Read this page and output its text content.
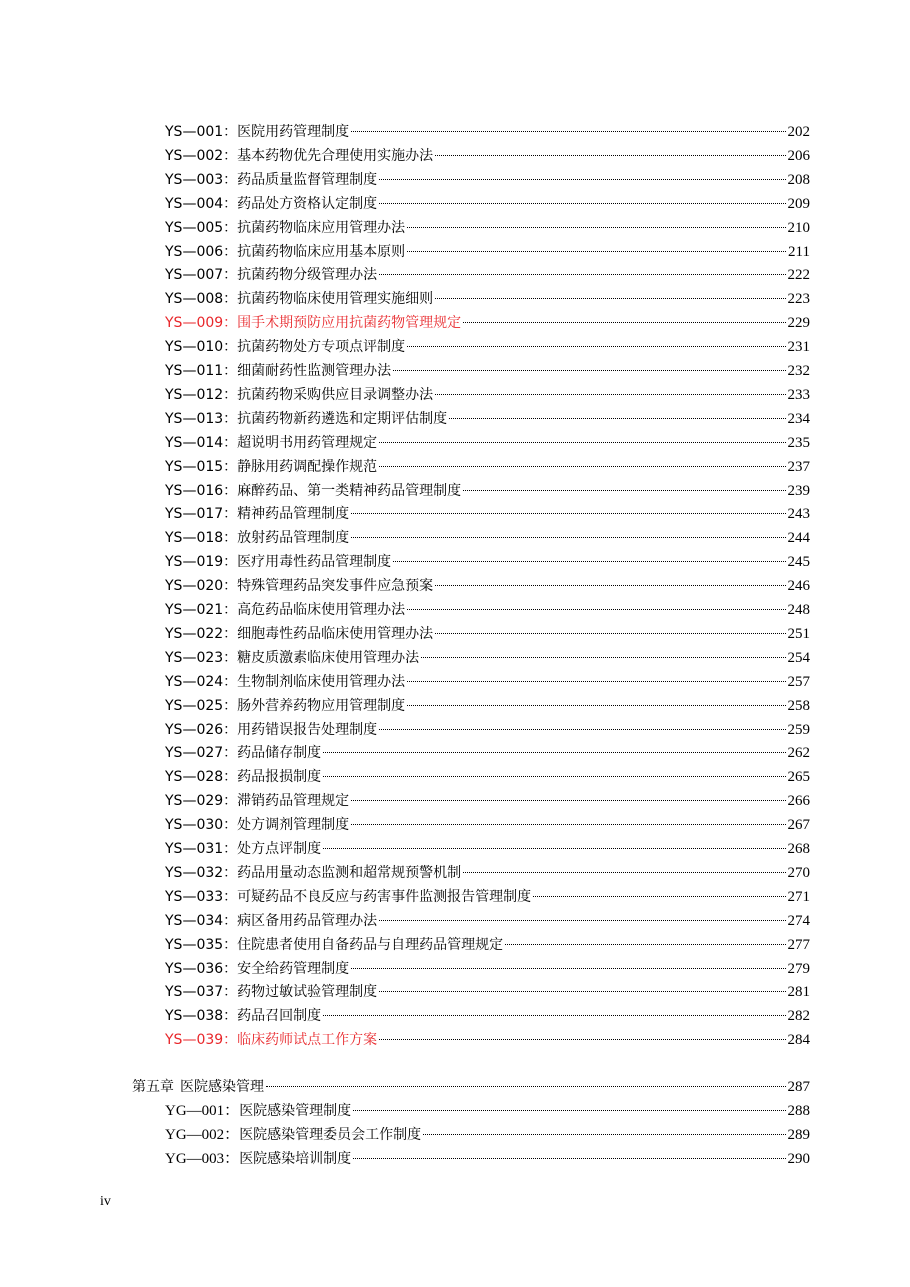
YS—001 ： 医院用药管理制度	202
YS—002 ： 基本药物优先合理使用实施办法	206
YS—003 ： 药品质量监督管理制度	208
YS—004 ： 药品处方资格认定制度	209
YS—005 ： 抗菌药物临床应用管理办法	210
YS—006 ： 抗菌药物临床应用基本原则	211
YS—007 ： 抗菌药物分级管理办法	222
YS—008 ： 抗菌药物临床使用管理实施细则	223
YS—009 ： 围手术期预防应用抗菌药物管理规定	229
YS—010 ： 抗菌药物处方专项点评制度	231
YS—011 ： 细菌耐药性监测管理办法	232
YS—012 ： 抗菌药物采购供应目录调整办法	233
YS—013 ： 抗菌药物新药遴选和定期评估制度	234
YS—014 ： 超说明书用药管理规定	235
YS—015 ： 静脉用药调配操作规范	237
YS—016 ： 麻醉药品、第一类精神药品管理制度	239
YS—017 ： 精神药品管理制度	243
YS—018 ： 放射药品管理制度	244
YS—019 ： 医疗用毒性药品管理制度	245
YS—020 ： 特殊管理药品突发事件应急预案	246
YS—021 ： 高危药品临床使用管理办法	248
YS—022 ： 细胞毒性药品临床使用管理办法	251
YS—023 ： 糖皮质激素临床使用管理办法	254
YS—024 ： 生物制剂临床使用管理办法	257
YS—025 ： 肠外营养药物应用管理制度	258
YS—026 ： 用药错误报告处理制度	259
YS—027 ： 药品储存制度	262
YS—028 ： 药品报损制度	265
YS—029 ： 滞销药品管理规定	266
YS—030 ： 处方调剂管理制度	267
YS—031 ： 处方点评制度	268
YS—032 ： 药品用量动态监测和超常规预警机制	270
YS—033 ： 可疑药品不良反应与药害事件监测报告管理制度	271
YS—034 ： 病区备用药品管理办法	274
YS—035 ： 住院患者使用自备药品与自理药品管理规定	277
YS—036 ： 安全给药管理制度	279
YS—037 ： 药物过敏试验管理制度	281
YS—038 ： 药品召回制度	282
YS—039 ： 临床药师试点工作方案	284
第五章 医院感染管理	287
YG—001 ： 医院感染管理制度	288
YG—002 ： 医院感染管理委员会工作制度	289
YG—003 ： 医院感染培训制度	290
iv
